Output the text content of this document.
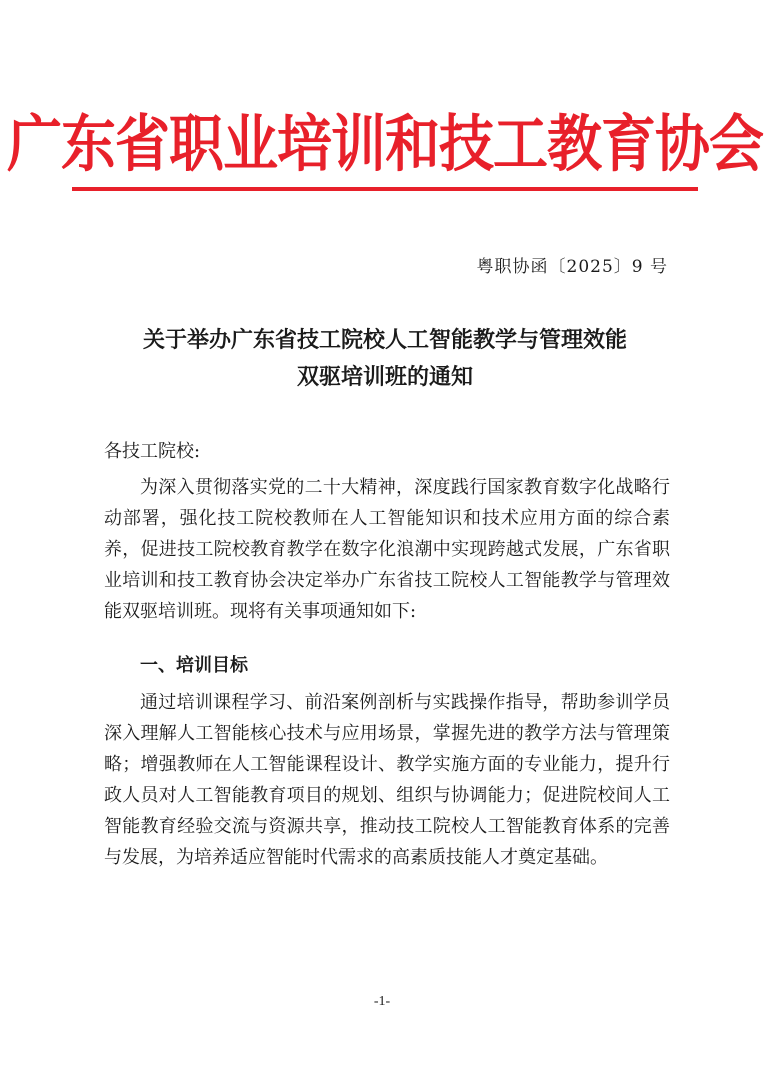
广东省职业培训和技工教育协会
粤职协函〔2025〕9 号
关于举办广东省技工院校人工智能教学与管理效能
双驱培训班的通知
各技工院校:

为深入贯彻落实党的二十大精神，深度践行国家教育数字化战略行动部署，强化技工院校教师在人工智能知识和技术应用方面的综合素养，促进技工院校教育教学在数字化浪潮中实现跨越式发展，广东省职业培训和技工教育协会决定举办广东省技工院校人工智能教学与管理效能双驱培训班。现将有关事项通知如下:

一、培训目标

通过培训课程学习、前沿案例剖析与实践操作指导，帮助参训学员深入理解人工智能核心技术与应用场景，掌握先进的教学方法与管理策略；增强教师在人工智能课程设计、教学实施方面的专业能力，提升行政人员对人工智能教育项目的规划、组织与协调能力；促进院校间人工智能教育经验交流与资源共享，推动技工院校人工智能教育体系的完善与发展，为培养适应智能时代需求的高素质技能人才奠定基础。

-1-
